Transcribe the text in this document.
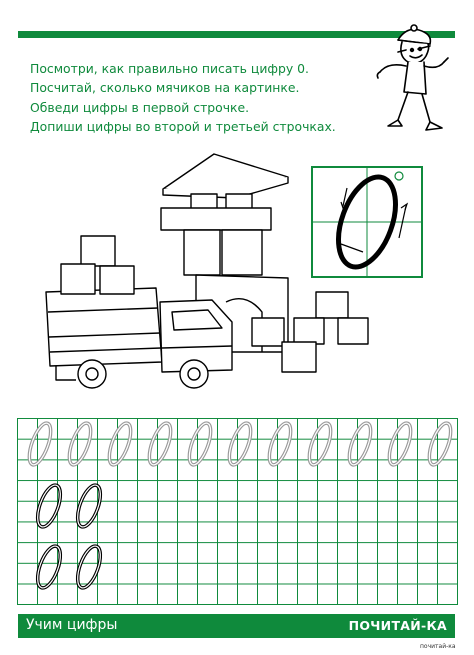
Посмотри, как правильно писать цифру 0.
Посчитай, сколько мячиков на картинке.
Обведи цифры в первой строчке.
Допиши цифры во второй и третьей строчках.
Учим цифры	ПОЧИТАЙ-КА
почитай-ка
